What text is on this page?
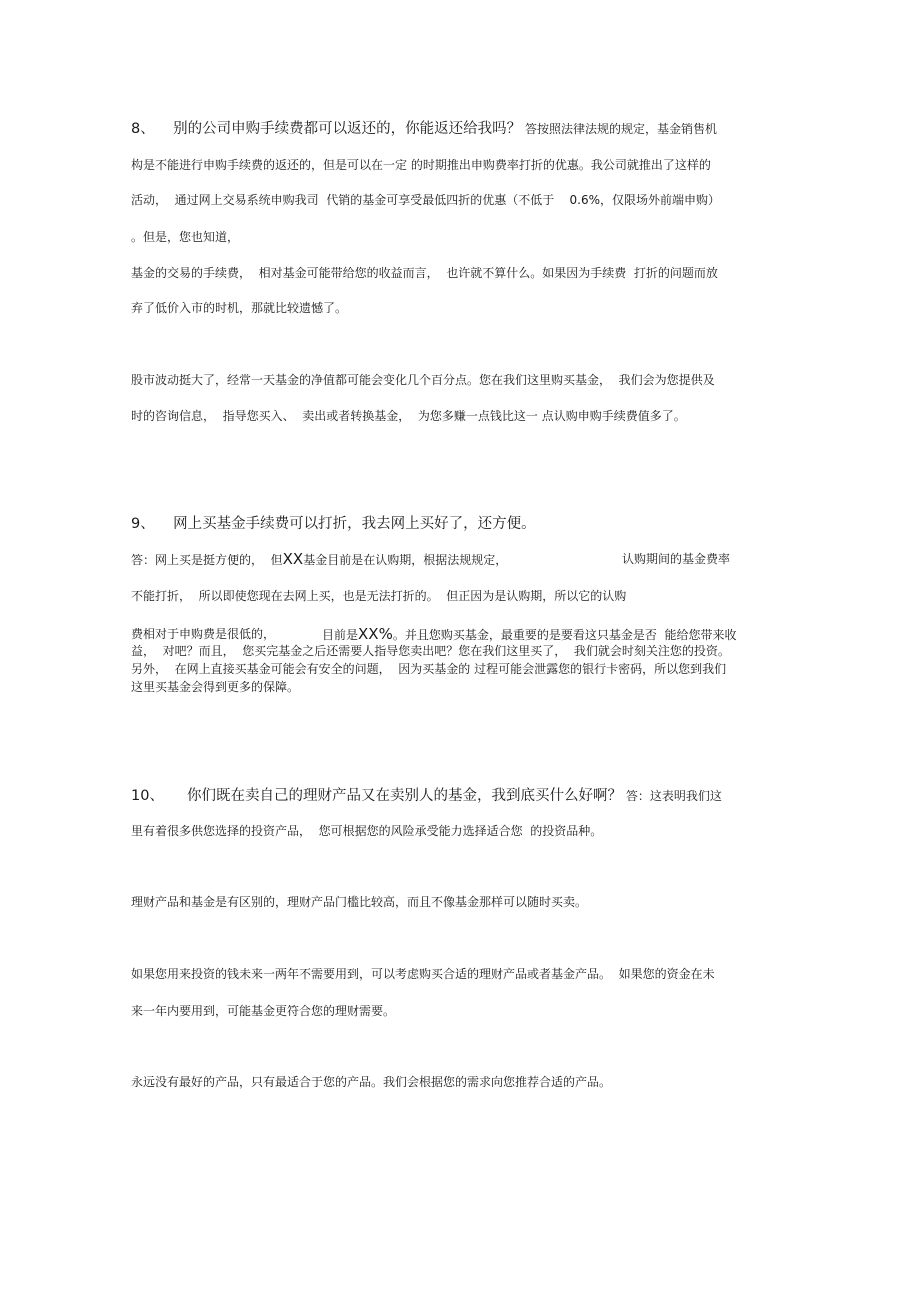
8、    别的公司申购手续费都可以返还的，你能返还给我吗？ 答按照法律法规的规定，基金销售机
构是不能进行申购手续费的返还的，但是可以在一定 的时期推出申购费率打折的优惠。我公司就推出了这样的
活动，  通过网上交易系统申购我司  代销的基金可享受最低四折的优惠（不低于    0.6%，仅限场外前端申购）
。但是，您也知道，
基金的交易的手续费，  相对基金可能带给您的收益而言，  也许就不算什么。如果因为手续费  打折的问题而放
弃了低价入市的时机，那就比较遗憾了。
股市波动挺大了，经常一天基金的净值都可能会变化几个百分点。您在我们这里购买基金，  我们会为您提供及
时的咨询信息，  指导您买入、  卖出或者转换基金，  为您多赚一点钱比这一 点认购申购手续费值多了。
9、    网上买基金手续费可以打折，我去网上买好了，还方便。
答：网上买是挺方便的，  但XX基金目前是在认购期，根据法规规定，	认购期间的基金费率
不能打折，  所以即使您现在去网上买，也是无法打折的。  但正因为是认购期，所以它的认购
费相对于申购费是很低的，	目前是XX%。并且您购买基金，最重要的是要看这只基金是否  能给您带来收
益，  对吧？而且，  您买完基金之后还需要人指导您卖出吧？您在我们这里买了，  我们就会时刻关注您的投资。
另外，  在网上直接买基金可能会有安全的问题，  因为买基金的 过程可能会泄露您的银行卡密码，所以您到我们
这里买基金会得到更多的保障。
10、     你们既在卖自己的理财产品又在卖别人的基金，我到底买什么好啊？ 答：这表明我们这
里有着很多供您选择的投资产品，  您可根据您的风险承受能力选择适合您  的投资品种。
理财产品和基金是有区别的，理财产品门槛比较高，而且不像基金那样可以随时买卖。
如果您用来投资的钱未来一两年不需要用到，可以考虑购买合适的理财产品或者基金产品。  如果您的资金在未
来一年内要用到，可能基金更符合您的理财需要。
永远没有最好的产品，只有最适合于您的产品。我们会根据您的需求向您推荐合适的产品。
